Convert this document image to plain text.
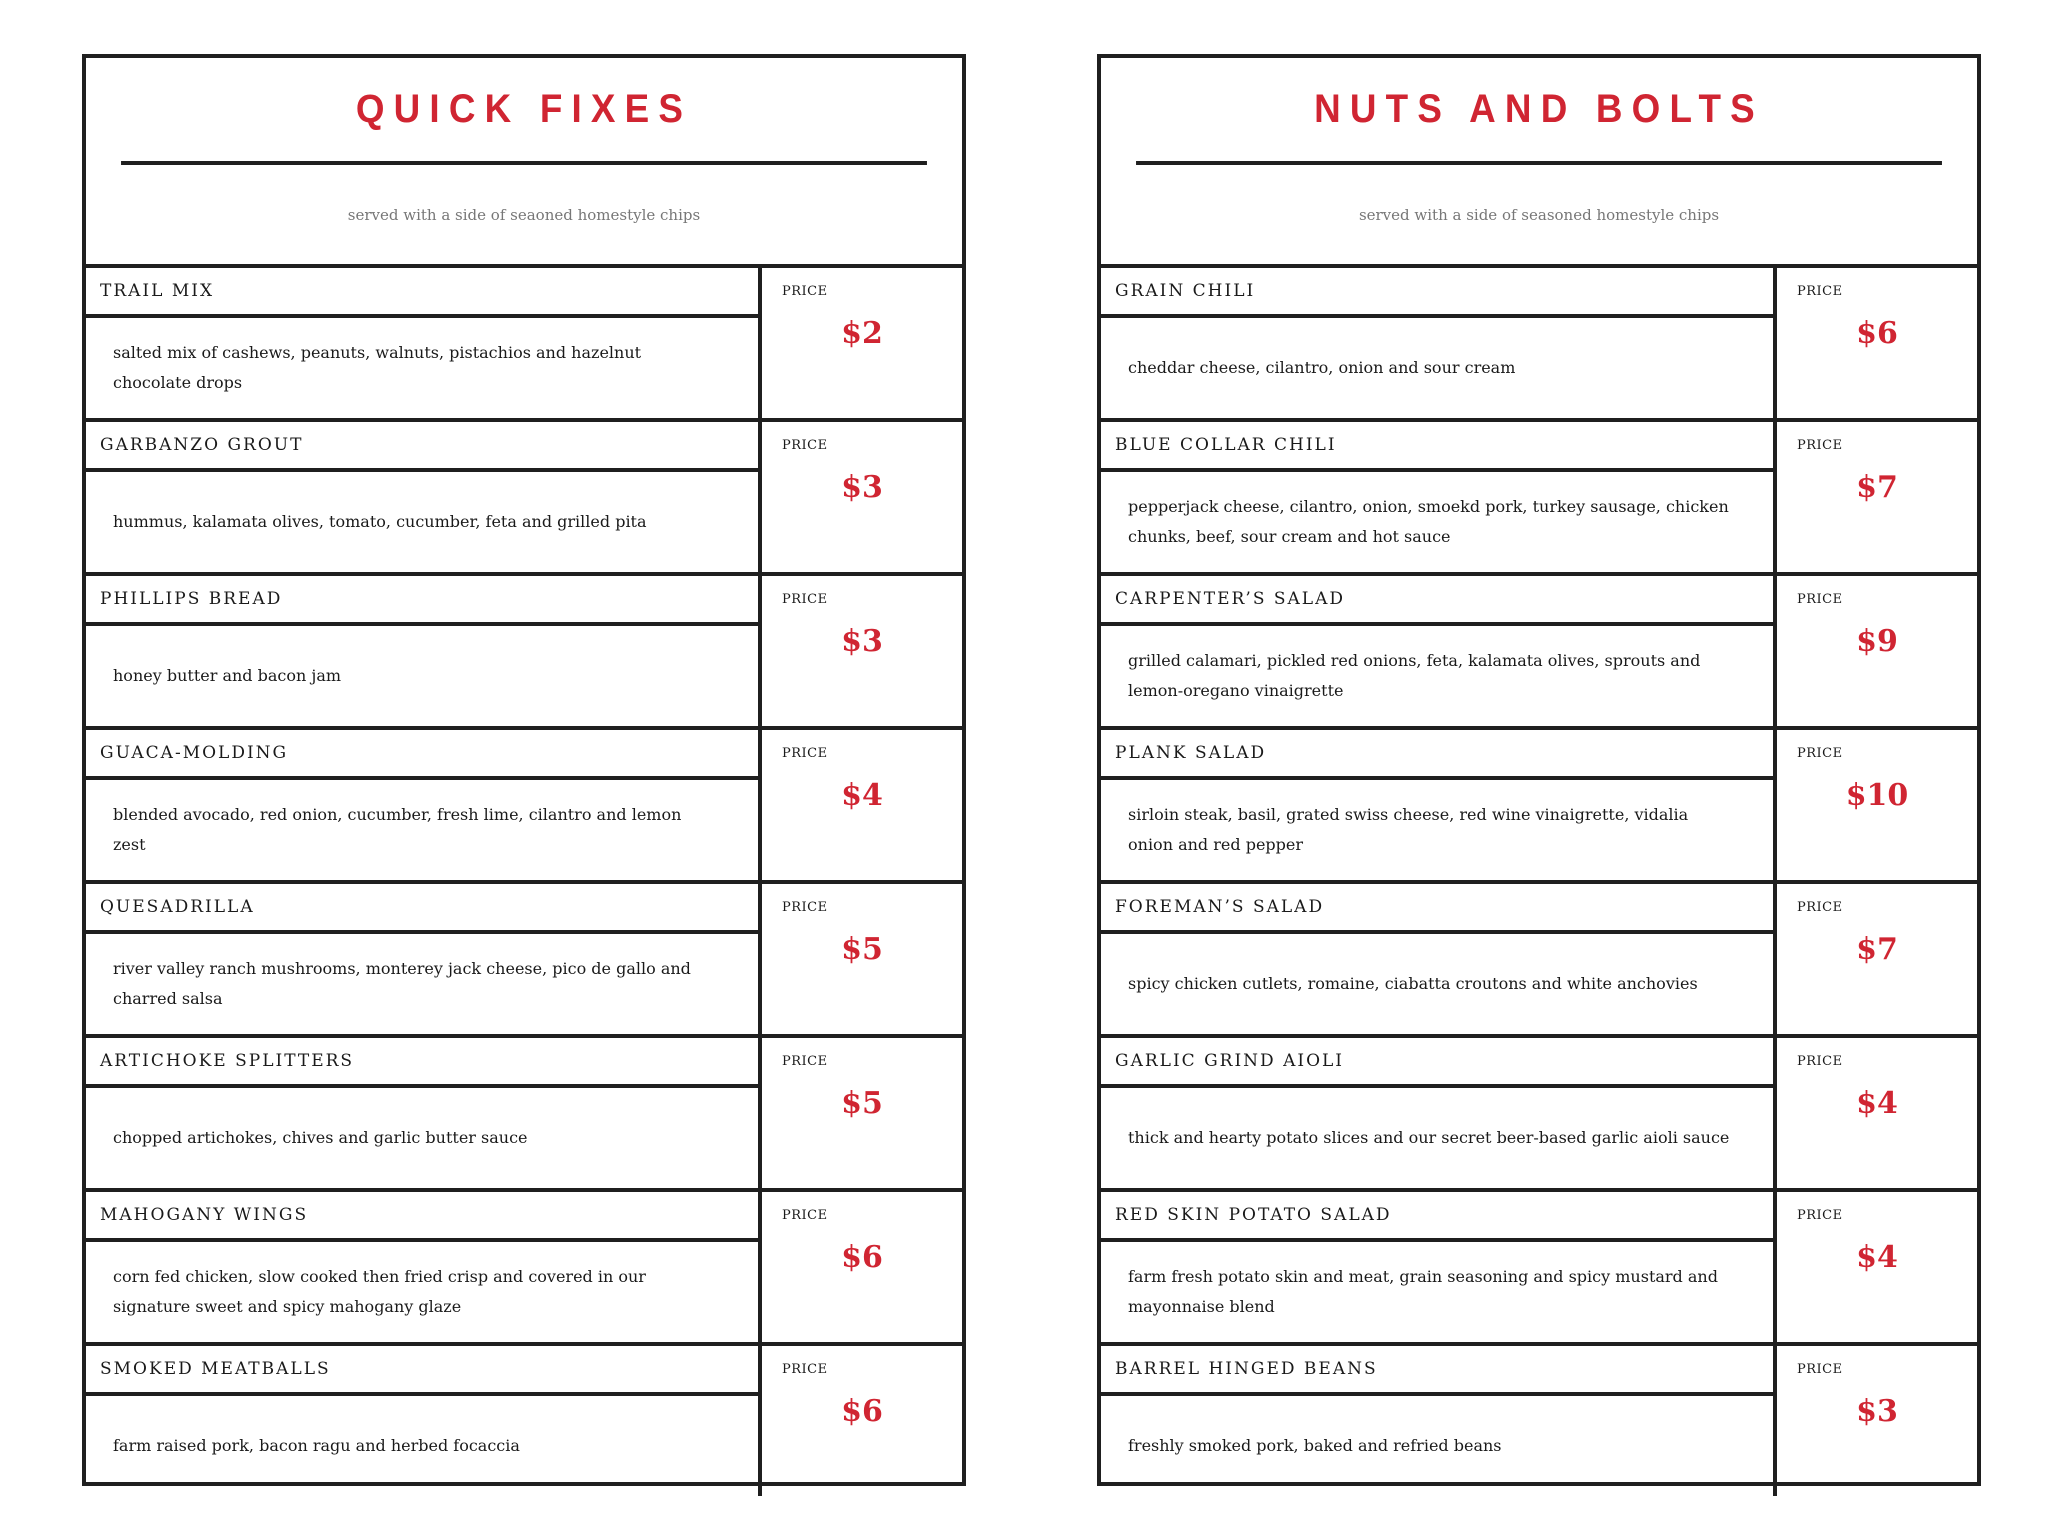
QUICK FIXES
served with a side of seaoned homestyle chips
TRAIL MIX
salted mix of cashews, peanuts, walnuts, pistachios and hazelnut chocolate drops
PRICE
$2
GARBANZO GROUT
hummus, kalamata olives, tomato, cucumber, feta and grilled pita
PRICE
$3
PHILLIPS BREAD
honey butter and bacon jam
PRICE
$3
GUACA-MOLDING
blended avocado, red onion, cucumber, fresh lime, cilantro and lemon zest
PRICE
$4
QUESADRILLA
river valley ranch mushrooms, monterey jack cheese, pico de gallo and charred salsa
PRICE
$5
ARTICHOKE SPLITTERS
chopped artichokes, chives and garlic butter sauce
PRICE
$5
MAHOGANY WINGS
corn fed chicken, slow cooked then fried crisp and covered in our signature sweet and spicy mahogany glaze
PRICE
$6
SMOKED MEATBALLS
farm raised pork, bacon ragu and herbed focaccia
PRICE
$6
NUTS AND BOLTS
served with a side of seasoned homestyle chips
GRAIN CHILI
cheddar cheese, cilantro, onion and sour cream
PRICE
$6
BLUE COLLAR CHILI
pepperjack cheese, cilantro, onion, smoekd pork, turkey sausage, chicken chunks, beef, sour cream and hot sauce
PRICE
$7
CARPENTER’S SALAD
grilled calamari, pickled red onions, feta, kalamata olives, sprouts and lemon-oregano vinaigrette
PRICE
$9
PLANK SALAD
sirloin steak, basil, grated swiss cheese, red wine vinaigrette, vidalia onion and red pepper
PRICE
$10
FOREMAN’S SALAD
spicy chicken cutlets, romaine, ciabatta croutons and white anchovies
PRICE
$7
GARLIC GRIND AIOLI
thick and hearty potato slices and our secret beer-based garlic aioli sauce
PRICE
$4
RED SKIN POTATO SALAD
farm fresh potato skin and meat, grain seasoning and spicy mustard and mayonnaise blend
PRICE
$4
BARREL HINGED BEANS
freshly smoked pork, baked and refried beans
PRICE
$3
